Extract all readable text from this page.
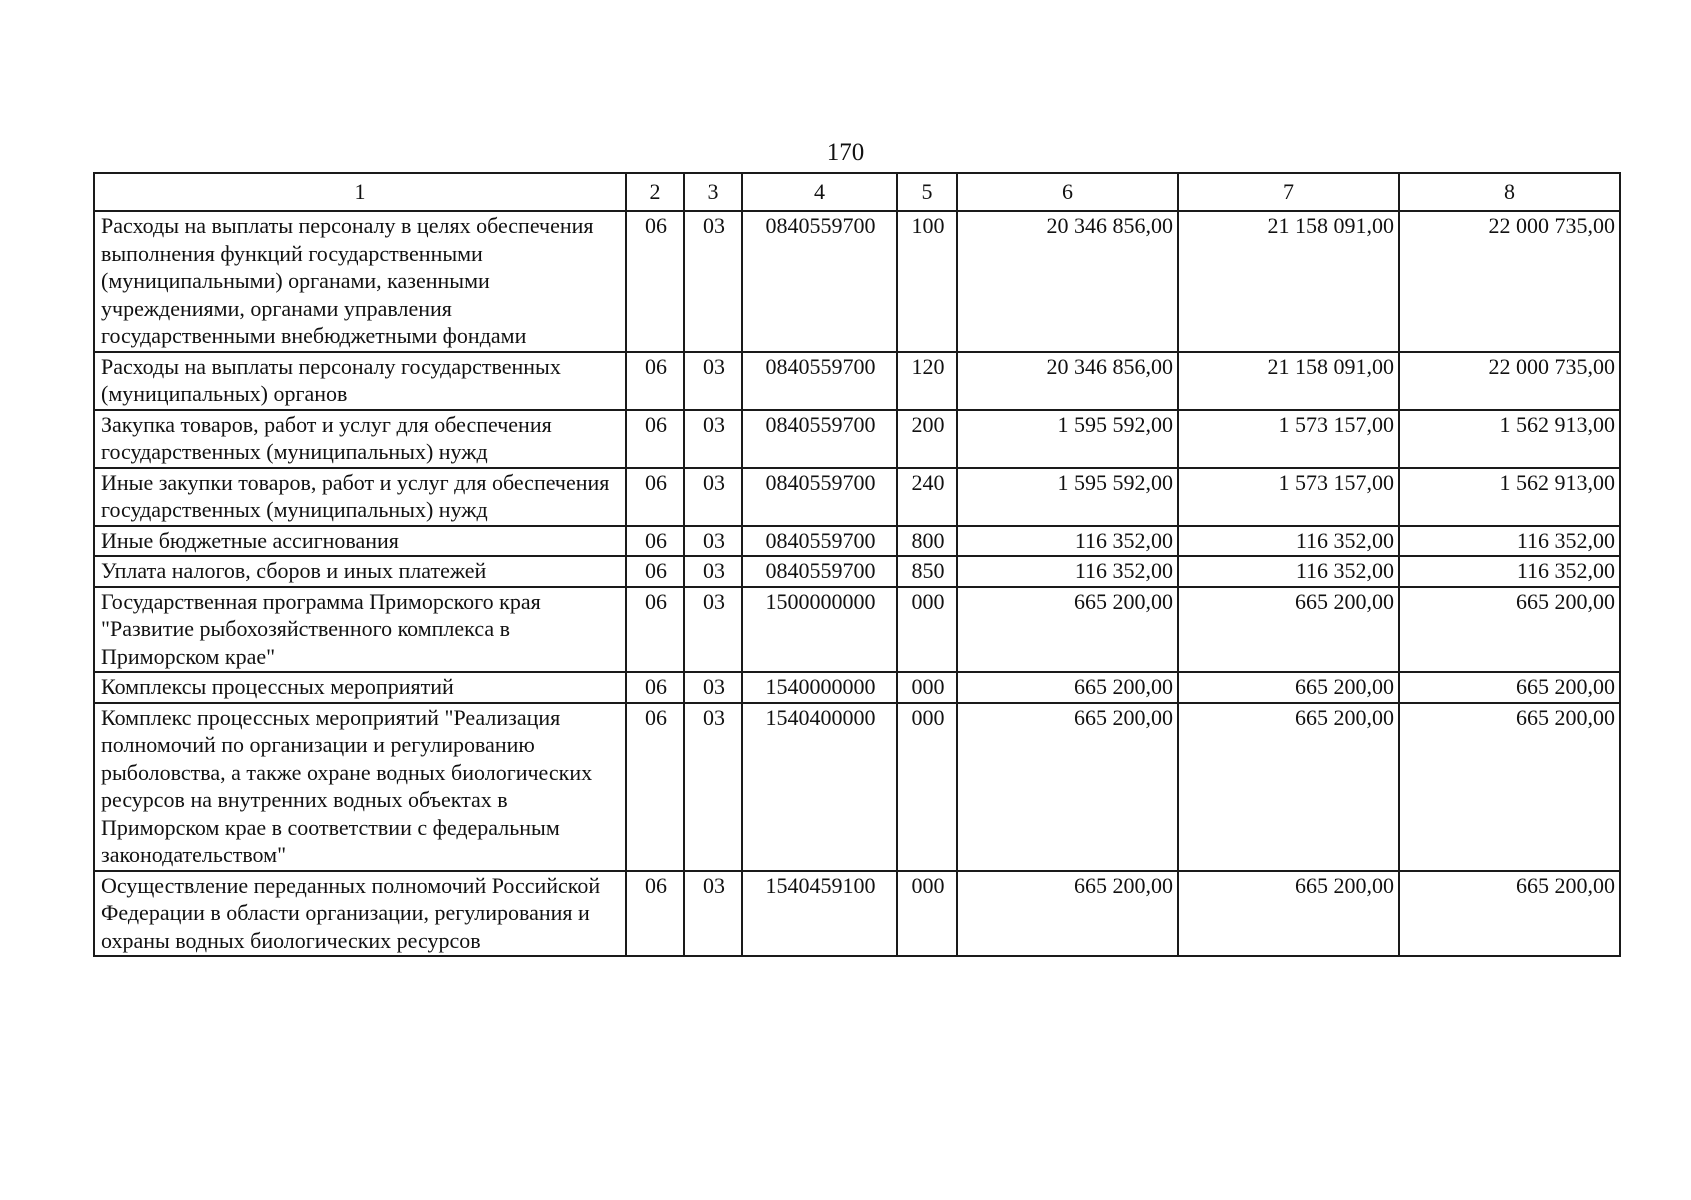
170
1	2	3	4	5	6	7	8
Расходы на выплаты персоналу в целях обеспечения выполнения функций государственными (муниципальными) органами, казенными учреждениями, органами управления государственными внебюджетными фондами	06	03	0840559700	100	20 346 856,00	21 158 091,00	22 000 735,00
Расходы на выплаты персоналу государственных (муниципальных) органов	06	03	0840559700	120	20 346 856,00	21 158 091,00	22 000 735,00
Закупка товаров, работ и услуг для обеспечения государственных (муниципальных) нужд	06	03	0840559700	200	1 595 592,00	1 573 157,00	1 562 913,00
Иные закупки товаров, работ и услуг для обеспечения государственных (муниципальных) нужд	06	03	0840559700	240	1 595 592,00	1 573 157,00	1 562 913,00
Иные бюджетные ассигнования	06	03	0840559700	800	116 352,00	116 352,00	116 352,00
Уплата налогов, сборов и иных платежей	06	03	0840559700	850	116 352,00	116 352,00	116 352,00
Государственная программа Приморского края "Развитие рыбохозяйственного комплекса в Приморском крае"	06	03	1500000000	000	665 200,00	665 200,00	665 200,00
Комплексы процессных мероприятий	06	03	1540000000	000	665 200,00	665 200,00	665 200,00
Комплекс процессных мероприятий "Реализация полномочий по организации и регулированию рыболовства, а также охране водных биологических ресурсов на внутренних водных объектах в Приморском крае в соответствии с федеральным законодательством"	06	03	1540400000	000	665 200,00	665 200,00	665 200,00
Осуществление переданных полномочий Российской Федерации в области организации, регулирования и охраны водных биологических ресурсов	06	03	1540459100	000	665 200,00	665 200,00	665 200,00
